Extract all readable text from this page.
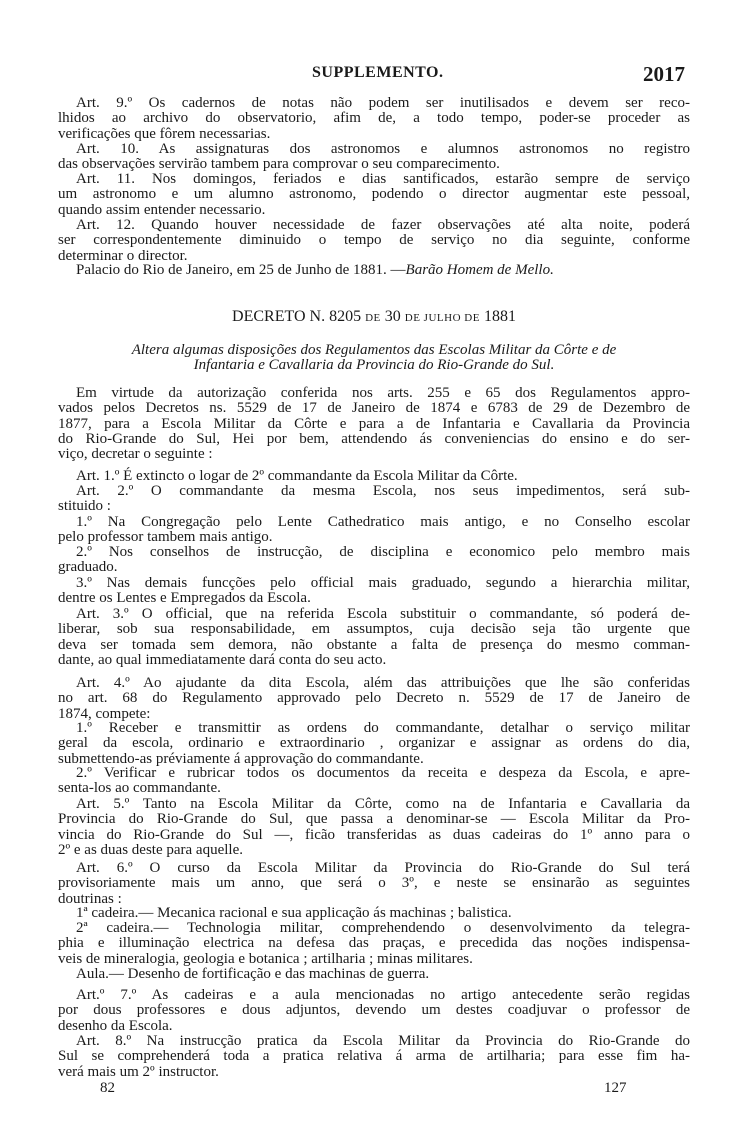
SUPPLEMENTO.	2017
Art. 9.º Os cadernos de notas não podem ser inutilisados e devem ser reco-
lhidos ao archivo do observatorio, afim de, a todo tempo, poder-se proceder as
verificações que fôrem necessarias.
Art. 10. As assignaturas dos astronomos e alumnos astronomos no registro
das observações servirão tambem para comprovar o seu comparecimento.
Art. 11. Nos domingos, feriados e dias santificados, estarão sempre de serviço
um astronomo e um alumno astronomo, podendo o director augmentar este pessoal,
quando assim entender necessario.
Art. 12. Quando houver necessidade de fazer observações até alta noite, poderá
ser correspondentemente diminuido o tempo de serviço no dia seguinte, conforme
determinar o director.
Palacio do Rio de Janeiro, em 25 de Junho de 1881. —Barão Homem de Mello.
DECRETO N. 8205 DE 30 DE JULHO DE 1881
Altera algumas disposições dos Regulamentos das Escolas Militar da Côrte e de
Infantaria e Cavallaria da Provincia do Rio-Grande do Sul.
Em virtude da autorização conferida nos arts. 255 e 65 dos Regulamentos appro-
vados pelos Decretos ns. 5529 de 17 de Janeiro de 1874 e 6783 de 29 de Dezembro de
1877, para a Escola Militar da Côrte e para a de Infantaria e Cavallaria da Provincia
do Rio-Grande do Sul, Hei por bem, attendendo ás conveniencias do ensino e do ser-
viço, decretar o seguinte :
Art. 1.º É extincto o logar de 2º commandante da Escola Militar da Côrte.
Art. 2.º O commandante da mesma Escola, nos seus impedimentos, será sub-
stituido :
1.º Na Congregação pelo Lente Cathedratico mais antigo, e no Conselho escolar
pelo professor tambem mais antigo.
2.º Nos conselhos de instrucção, de disciplina e economico pelo membro mais
graduado.
3.º Nas demais funcções pelo official mais graduado, segundo a hierarchia militar,
dentre os Lentes e Empregados da Escola.
Art. 3.º O official, que na referida Escola substituir o commandante, só poderá de-
liberar, sob sua responsabilidade, em assumptos, cuja decisão seja tão urgente que
deva ser tomada sem demora, não obstante a falta de presença do mesmo comman-
dante, ao qual immediatamente dará conta do seu acto.
Art. 4.º Ao ajudante da dita Escola, além das attribuições que lhe são conferidas
no art. 68 do Regulamento approvado pelo Decreto n. 5529 de 17 de Janeiro de
1874, compete:
1.º Receber e transmittir as ordens do commandante, detalhar o serviço militar
geral da escola, ordinario e extraordinario , organizar e assignar as ordens do dia,
submettendo-as préviamente á approvação do commandante.
2.º Verificar e rubricar todos os documentos da receita e despeza da Escola, e apre-
senta-los ao commandante.
Art. 5.º Tanto na Escola Militar da Côrte, como na de Infantaria e Cavallaria da
Provincia do Rio-Grande do Sul, que passa a denominar-se — Escola Militar da Pro-
vincia do Rio-Grande do Sul —, ficão transferidas as duas cadeiras do 1º anno para o
2º e as duas deste para aquelle.
Art. 6.º O curso da Escola Militar da Provincia do Rio-Grande do Sul terá
provisoriamente mais um anno, que será o 3º, e neste se ensinarão as seguintes
doutrinas :
1ª cadeira.— Mecanica racional e sua applicação ás machinas ; balistica.
2ª cadeira.— Technologia militar, comprehendendo o desenvolvimento da telegra-
phia e illuminação electrica na defesa das praças, e precedida das noções indispensa-
veis de mineralogia, geologia e botanica ; artilharia ; minas militares.
Aula.— Desenho de fortificação e das machinas de guerra.
Art.º 7.º As cadeiras e a aula mencionadas no artigo antecedente serão regidas
por dous professores e dous adjuntos, devendo um destes coadjuvar o professor de
desenho da Escola.
Art. 8.º Na instrucção pratica da Escola Militar da Provincia do Rio-Grande do
Sul se comprehenderá toda a pratica relativa á arma de artilharia; para esse fim ha-
verá mais um 2º instructor.
82	127
